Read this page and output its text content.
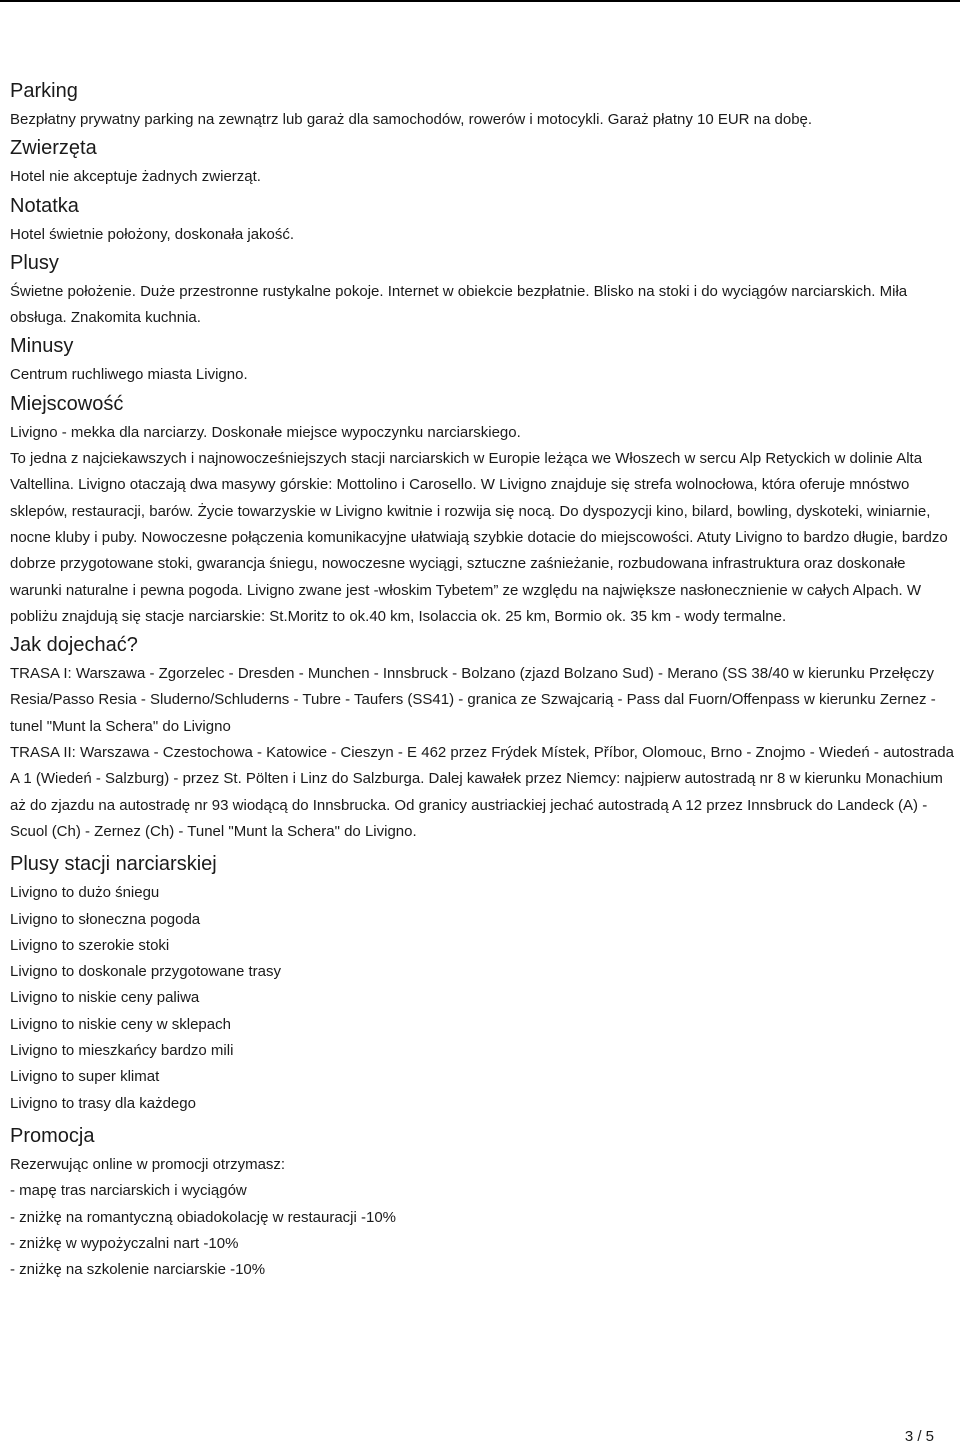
Parking
Bezpłatny prywatny parking na zewnątrz lub garaż dla samochodów, rowerów i motocykli. Garaż płatny 10 EUR na dobę.
Zwierzęta
Hotel nie akceptuje żadnych zwierząt.
Notatka
Hotel świetnie położony, doskonała jakość.
Plusy
Świetne położenie. Duże przestronne rustykalne pokoje. Internet w obiekcie bezpłatnie. Blisko na stoki i do wyciągów narciarskich. Miła obsługa. Znakomita kuchnia.
Minusy
Centrum ruchliwego miasta Livigno.
Miejscowość
Livigno - mekka dla narciarzy. Doskonałe miejsce wypoczynku narciarskiego.
To jedna z najciekawszych i najnowocześniejszych stacji narciarskich w Europie leżąca we Włoszech w sercu Alp Retyckich w dolinie Alta Valtellina. Livigno otaczają dwa masywy górskie: Mottolino i Carosello. W Livigno znajduje się strefa wolnocłowa, która oferuje mnóstwo sklepów, restauracji, barów. Życie towarzyskie w Livigno kwitnie i rozwija się nocą. Do dyspozycji kino, bilard, bowling, dyskoteki, winiarnie, nocne kluby i puby. Nowoczesne połączenia komunikacyjne ułatwiają szybkie dotacie do miejscowości. Atuty Livigno to bardzo długie, bardzo dobrze przygotowane stoki, gwarancja śniegu, nowoczesne wyciągi, sztuczne zaśnieżanie, rozbudowana infrastruktura oraz doskonałe warunki naturalne i pewna pogoda. Livigno zwane jest -włoskim Tybetem” ze względu na największe nasłonecznienie w całych Alpach. W pobliżu znajdują się stacje narciarskie: St.Moritz to ok.40 km, Isolaccia ok. 25 km, Bormio ok. 35 km - wody termalne.
Jak dojechać?
TRASA I: Warszawa - Zgorzelec - Dresden - Munchen - Innsbruck - Bolzano (zjazd Bolzano Sud) - Merano (SS 38/40 w kierunku Przełęczy Resia/Passo Resia - Sluderno/Schluderns - Tubre - Taufers (SS41) - granica ze Szwajcarią - Pass dal Fuorn/Offenpass w kierunku Zernez - tunel "Munt la Schera" do Livigno
TRASA II: Warszawa - Czestochowa - Katowice - Cieszyn - E 462 przez Frýdek Místek, Příbor, Olomouc, Brno - Znojmo - Wiedeń - autostrada A 1 (Wiedeń - Salzburg) - przez St. Pölten i Linz do Salzburga. Dalej kawałek przez Niemcy: najpierw autostradą nr 8 w kierunku Monachium aż do zjazdu na autostradę nr 93 wiodącą do Innsbrucka. Od granicy austriackiej jechać autostradą A 12 przez Innsbruck do Landeck (A) - Scuol (Ch) - Zernez (Ch) - Tunel "Munt la Schera" do Livigno.
Plusy stacji narciarskiej
Livigno to dużo śniegu
Livigno to słoneczna pogoda
Livigno to szerokie stoki
Livigno to doskonale przygotowane trasy
Livigno to niskie ceny paliwa
Livigno to niskie ceny w sklepach
Livigno to mieszkańcy bardzo mili
Livigno to super klimat
Livigno to trasy dla każdego
Promocja
Rezerwując online w promocji otrzymasz:
- mapę tras narciarskich i wyciągów
- zniżkę na romantyczną obiadokolację w restauracji -10%
- zniżkę w wypożyczalni nart -10%
- zniżkę na szkolenie narciarskie -10%
3 / 5
